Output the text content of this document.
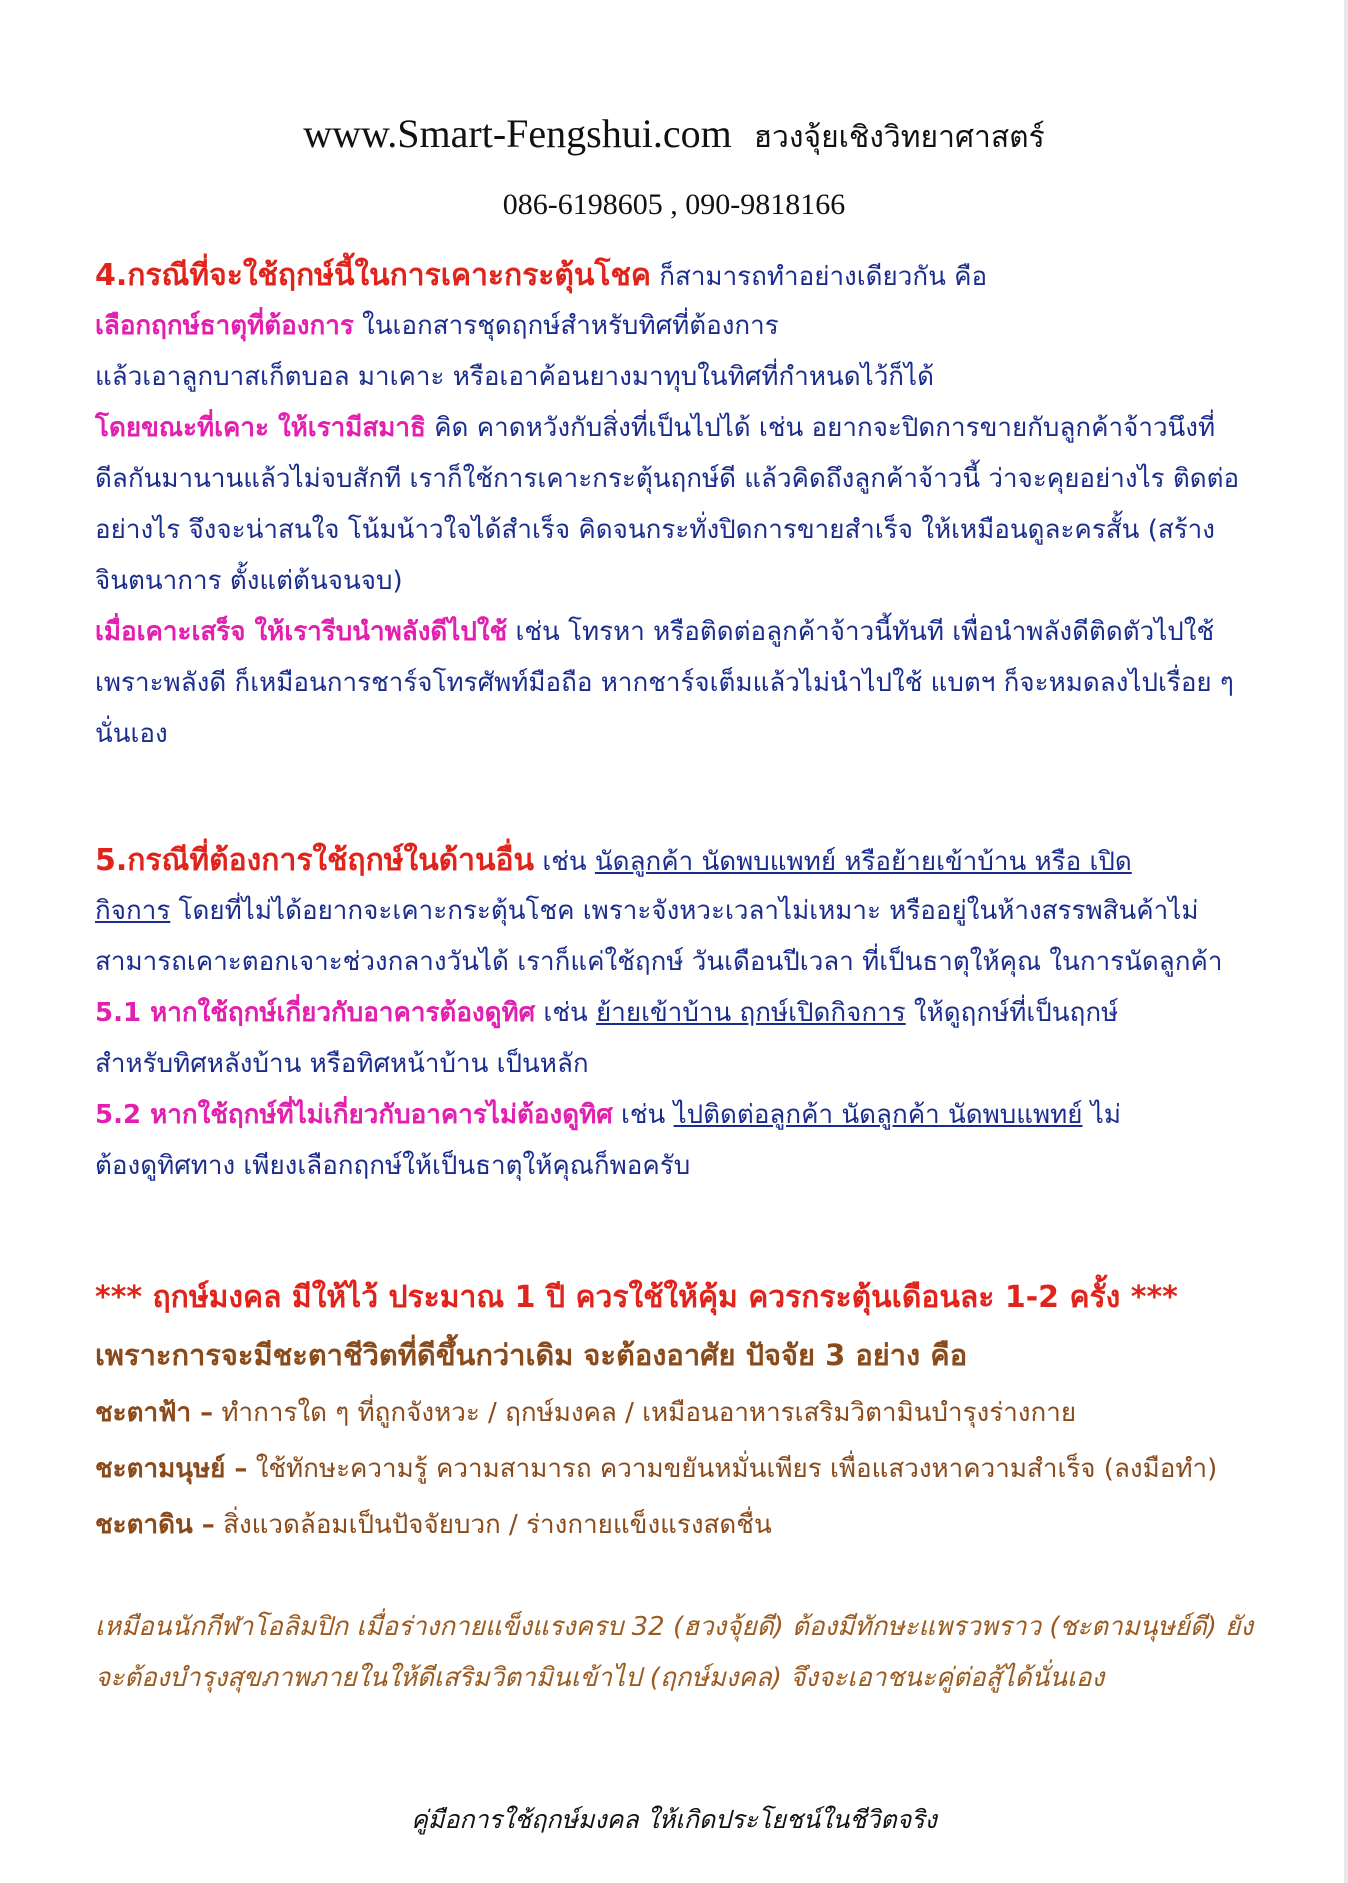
www.Smart-Fengshui.com ฮวงจุ้ยเชิงวิทยาศาสตร์
086-6198605 , 090-9818166
4.กรณีที่จะใช้ฤกษ์นี้ในการเคาะกระตุ้นโชค ก็สามารถทำอย่างเดียวกัน คือ
เลือกฤกษ์ธาตุที่ต้องการ ในเอกสารชุดฤกษ์สำหรับทิศที่ต้องการ
แล้วเอาลูกบาสเก็ตบอล มาเคาะ หรือเอาค้อนยางมาทุบในทิศที่กำหนดไว้ก็ได้
โดยขณะที่เคาะ ให้เรามีสมาธิ คิด คาดหวังกับสิ่งที่เป็นไปได้ เช่น อยากจะปิดการขายกับลูกค้าจ้าวนึงที่
ดีลกันมานานแล้วไม่จบสักที เราก็ใช้การเคาะกระตุ้นฤกษ์ดี แล้วคิดถึงลูกค้าจ้าวนี้ ว่าจะคุยอย่างไร ติดต่อ
อย่างไร จึงจะน่าสนใจ โน้มน้าวใจได้สำเร็จ คิดจนกระทั่งปิดการขายสำเร็จ ให้เหมือนดูละครสั้น (สร้าง
จินตนาการ ตั้งแต่ต้นจนจบ)
เมื่อเคาะเสร็จ ให้เรารีบนำพลังดีไปใช้ เช่น โทรหา หรือติดต่อลูกค้าจ้าวนี้ทันที เพื่อนำพลังดีติดตัวไปใช้
เพราะพลังดี ก็เหมือนการชาร์จโทรศัพท์มือถือ หากชาร์จเต็มแล้วไม่นำไปใช้ แบตฯ ก็จะหมดลงไปเรื่อย ๆ
นั่นเอง
5.กรณีที่ต้องการใช้ฤกษ์ในด้านอื่น เช่น นัดลูกค้า นัดพบแพทย์ หรือย้ายเข้าบ้าน หรือ เปิด
กิจการ โดยที่ไม่ได้อยากจะเคาะกระตุ้นโชค เพราะจังหวะเวลาไม่เหมาะ หรืออยู่ในห้างสรรพสินค้าไม่
สามารถเคาะตอกเจาะช่วงกลางวันได้ เราก็แค่ใช้ฤกษ์ วันเดือนปีเวลา ที่เป็นธาตุให้คุณ ในการนัดลูกค้า
5.1 หากใช้ฤกษ์เกี่ยวกับอาคารต้องดูทิศ เช่น ย้ายเข้าบ้าน ฤกษ์เปิดกิจการ ให้ดูฤกษ์ที่เป็นฤกษ์
สำหรับทิศหลังบ้าน หรือทิศหน้าบ้าน เป็นหลัก
5.2 หากใช้ฤกษ์ที่ไม่เกี่ยวกับอาคารไม่ต้องดูทิศ เช่น ไปติดต่อลูกค้า นัดลูกค้า นัดพบแพทย์ ไม่
ต้องดูทิศทาง เพียงเลือกฤกษ์ให้เป็นธาตุให้คุณก็พอครับ
*** ฤกษ์มงคล มีให้ไว้ ประมาณ 1 ปี ควรใช้ให้คุ้ม ควรกระตุ้นเดือนละ 1-2 ครั้ง ***
เพราะการจะมีชะตาชีวิตที่ดีขึ้นกว่าเดิม จะต้องอาศัย ปัจจัย 3 อย่าง คือ
ชะตาฟ้า – ทำการใด ๆ ที่ถูกจังหวะ / ฤกษ์มงคล / เหมือนอาหารเสริมวิตามินบำรุงร่างกาย
ชะตามนุษย์ – ใช้ทักษะความรู้ ความสามารถ ความขยันหมั่นเพียร เพื่อแสวงหาความสำเร็จ (ลงมือทำ)
ชะตาดิน – สิ่งแวดล้อมเป็นปัจจัยบวก / ร่างกายแข็งแรงสดชื่น
เหมือนนักกีฬาโอลิมปิก เมื่อร่างกายแข็งแรงครบ 32 (ฮวงจุ้ยดี) ต้องมีทักษะแพรวพราว (ชะตามนุษย์ดี) ยัง
จะต้องบำรุงสุขภาพภายในให้ดีเสริมวิตามินเข้าไป (ฤกษ์มงคล) จึงจะเอาชนะคู่ต่อสู้ได้นั่นเอง
คู่มือการใช้ฤกษ์มงคล ให้เกิดประโยชน์ในชีวิตจริง
